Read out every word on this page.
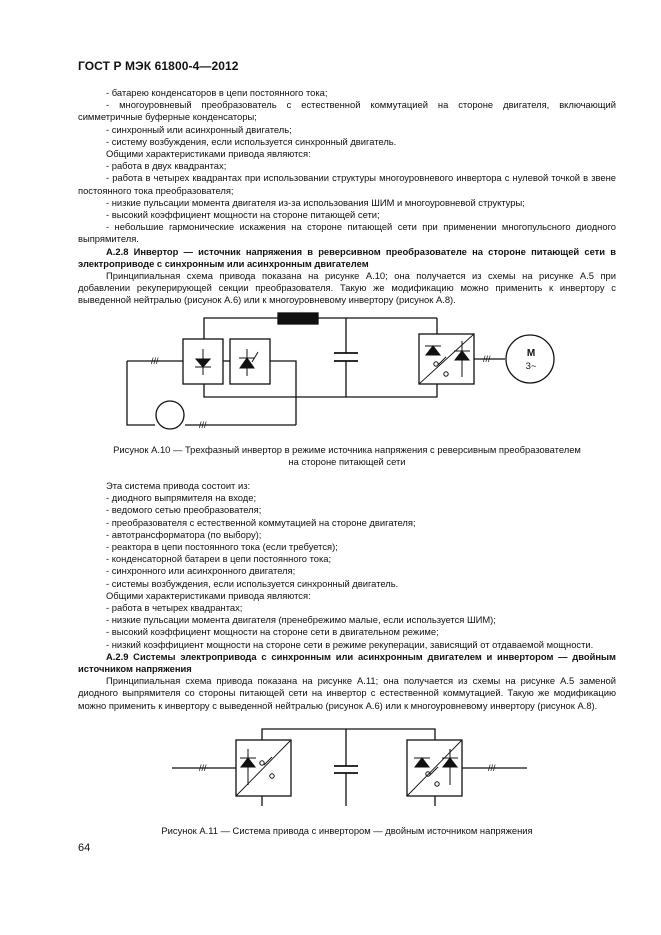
ГОСТ Р МЭК 61800-4—2012

- батарею конденсаторов в цепи постоянного тока;

- многоуровневый преобразователь с естественной коммутацией на стороне двигателя, включающий симметричные буферные конденсаторы;

- синхронный или асинхронный двигатель;

- систему возбуждения, если используется синхронный двигатель.

Общими характеристиками привода являются:

- работа в двух квадрантах;

- работа в четырех квадрантах при использовании структуры многоуровневого инвертора с нулевой точкой в звене постоянного тока преобразователя;

- низкие пульсации момента двигателя из-за использования ШИМ и многоуровневой структуры;

- высокий коэффициент мощности на стороне питающей сети;

- небольшие гармонические искажения на стороне питающей сети при применении многопульсного диодного выпрямителя.

А.2.8 Инвертор — источник напряжения в реверсивном преобразователе на стороне питающей сети в электроприводе с синхронным или асинхронным двигателем

Принципиальная схема привода показана на рисунке А.10; она получается из схемы на рисунке А.5 при добавлении рекуперирующей секции преобразователя. Такую же модификацию можно применить к инвертору с выведенной нейтралью (рисунок А.6) или к многоуровневому инвертору (рисунок А.8).

///
///
///	M
3~
Рисунок А.10 — Трехфазный инвертор в режиме источника напряжения с реверсивным преобразователем
на стороне питающей сети

Эта система привода состоит из:

- диодного выпрямителя на входе;

- ведомого сетью преобразователя;

- преобразователя с естественной коммутацией на стороне двигателя;

- автотрансформатора (по выбору);

- реактора в цепи постоянного тока (если требуется);

- конденсаторной батареи в цепи постоянного тока;

- синхронного или асинхронного двигателя;

- системы возбуждения, если используется синхронный двигатель.

Общими характеристиками привода являются:

- работа в четырех квадрантах;

- низкие пульсации момента двигателя (пренебрежимо малые, если используется ШИМ);

- высокий коэффициент мощности на стороне сети в двигательном режиме;

- низкий коэффициент мощности на стороне сети в режиме рекуперации, зависящий от отдаваемой мощности.

А.2.9 Системы электропривода с синхронным или асинхронным двигателем и инвертором — двойным источником напряжения

Принципиальная схема привода показана на рисунке А.11; она получается из схемы на рисунке А.5 заменой диодного выпрямителя со стороны питающей сети на инвертор с естественной коммутацией. Такую же модификацию можно применить к инвертору с выведенной нейтралью (рисунок А.6) или к многоуровневому инвертору (рисунок А.8).

///	///
Рисунок А.11 — Система привода с инвертором — двойным источником напряжения
64
